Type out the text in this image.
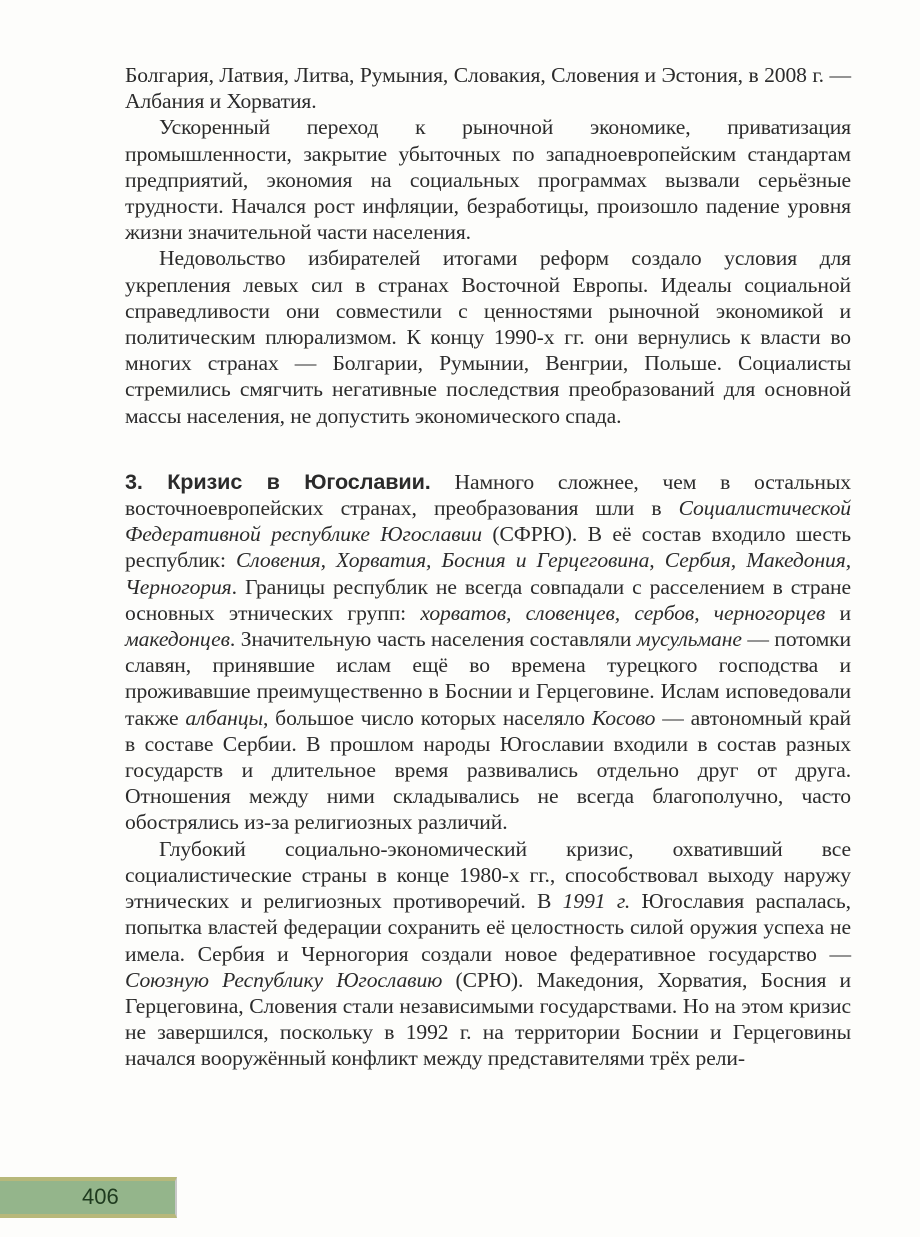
Болгария, Латвия, Литва, Румыния, Словакия, Словения и Эстония, в 2008 г. — Албания и Хорватия.

Ускоренный переход к рыночной экономике, приватизация промышленности, закрытие убыточных по западноевропейским стандартам предприятий, экономия на социальных программах вызвали серьёзные трудности. Начался рост инфляции, безработицы, произошло падение уровня жизни значительной части населения.

Недовольство избирателей итогами реформ создало условия для укрепления левых сил в странах Восточной Европы. Идеалы социальной справедливости они совместили с ценностями рыночной экономикой и политическим плюрализмом. К концу 1990-х гг. они вернулись к власти во многих странах — Болгарии, Румынии, Венгрии, Польше. Социалисты стремились смягчить негативные последствия преобразований для основной массы населения, не допустить экономического спада.

3. Кризис в Югославии. Намного сложнее, чем в остальных восточноевропейских странах, преобразования шли в Социалистической Федеративной республике Югославии (СФРЮ). В её состав входило шесть республик: Словения, Хорватия, Босния и Герцеговина, Сербия, Македония, Черногория. Границы республик не всегда совпадали с расселением в стране основных этнических групп: хорватов, словенцев, сербов, черногорцев и македонцев. Значительную часть населения составляли мусульмане — потомки славян, принявшие ислам ещё во времена турецкого господства и проживавшие преимущественно в Боснии и Герцеговине. Ислам исповедовали также албанцы, большое число которых населяло Косово — автономный край в составе Сербии. В прошлом народы Югославии входили в состав разных государств и длительное время развивались отдельно друг от друга. Отношения между ними складывались не всегда благополучно, часто обострялись из-за религиозных различий.

Глубокий социально-экономический кризис, охвативший все социалистические страны в конце 1980-х гг., способствовал выходу наружу этнических и религиозных противоречий. В 1991 г. Югославия распалась, попытка властей федерации сохранить её целостность силой оружия успеха не имела. Сербия и Черногория создали новое федеративное государство — Союзную Республику Югославию (СРЮ). Македония, Хорватия, Босния и Герцеговина, Словения стали независимыми государствами. Но на этом кризис не завершился, поскольку в 1992 г. на территории Боснии и Герцеговины начался вооружённый конфликт между представителями трёх рели-

406
